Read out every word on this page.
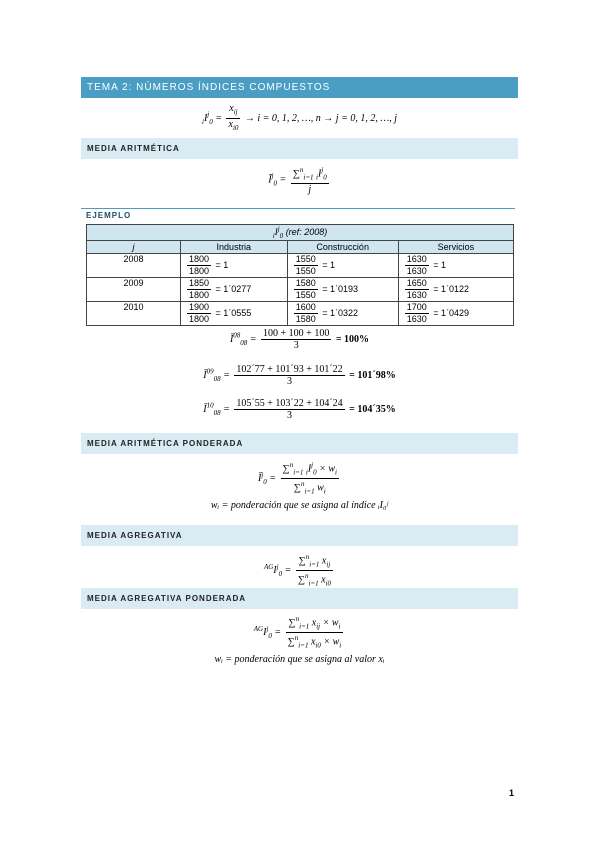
TEMA 2: NÚMEROS ÍNDICES COMPUESTOS
$_iI^j_0 = \frac{x_{ij}}{x_{i0}} \to i = 0$, 1, 2, …, n → j = 0, 1, 2, …, j
MEDIA ARITMÉTICA
$Ī^j_0 = \frac{\sum^n_{i=1} _iI^j_0}{j}$
EJEMPLO
$_iI^j_0$ (ref: 2008)			
j	Industria	Construcción	Servicios
2008	$\frac{1800}{1800} = 1$	$\frac{1550}{1550} = 1$	$\frac{1630}{1630} = 1$
2009	$\frac{1850}{1800}$ = 1ˊ0277	$\frac{1580}{1550}$ = 1ˊ0193	$\frac{1650}{1630}$ = 1ˊ0122
2010	$\frac{1900}{1800}$ = 1ˊ0555	$\frac{1600}{1580}$ = 1ˊ0322	$\frac{1700}{1630}$ = 1ˊ0429
$Ī^{08}_{08} = \frac{100 + 100 + 100}{3} = 100\%$
$Ī^{09}_{08} = \frac{\text{102ˊ77 + 101ˊ93 + 101ˊ22}}{3}$ = 101ˊ98%
$Ī^{10}_{08} = \frac{\text{105ˊ55 + 103ˊ22 + 104ˊ24}}{3}$ = 104ˊ35%
MEDIA ARITMÉTICA PONDERADA
$Ī^j_0 = \frac{\sum^n_{i=1} _iI^j_0 \times w_i}{\sum^n_{i=1} w_i}$
wᵢ = ponderación que se asigna al índice ᵢI₀ʲ
MEDIA AGREGATIVA
$^{AG}I^j_0 = \frac{\sum^n_{i=1} x_{ij}}{\sum^n_{i=1} x_{i0}}$
MEDIA AGREGATIVA PONDERADA
$^{AG}I^j_0 = \frac{\sum^n_{i=1} x_{ij} \times w_i}{\sum^n_{i=1} x_{i0} \times w_i}$
wᵢ = ponderación que se asigna al valor xᵢ
1
